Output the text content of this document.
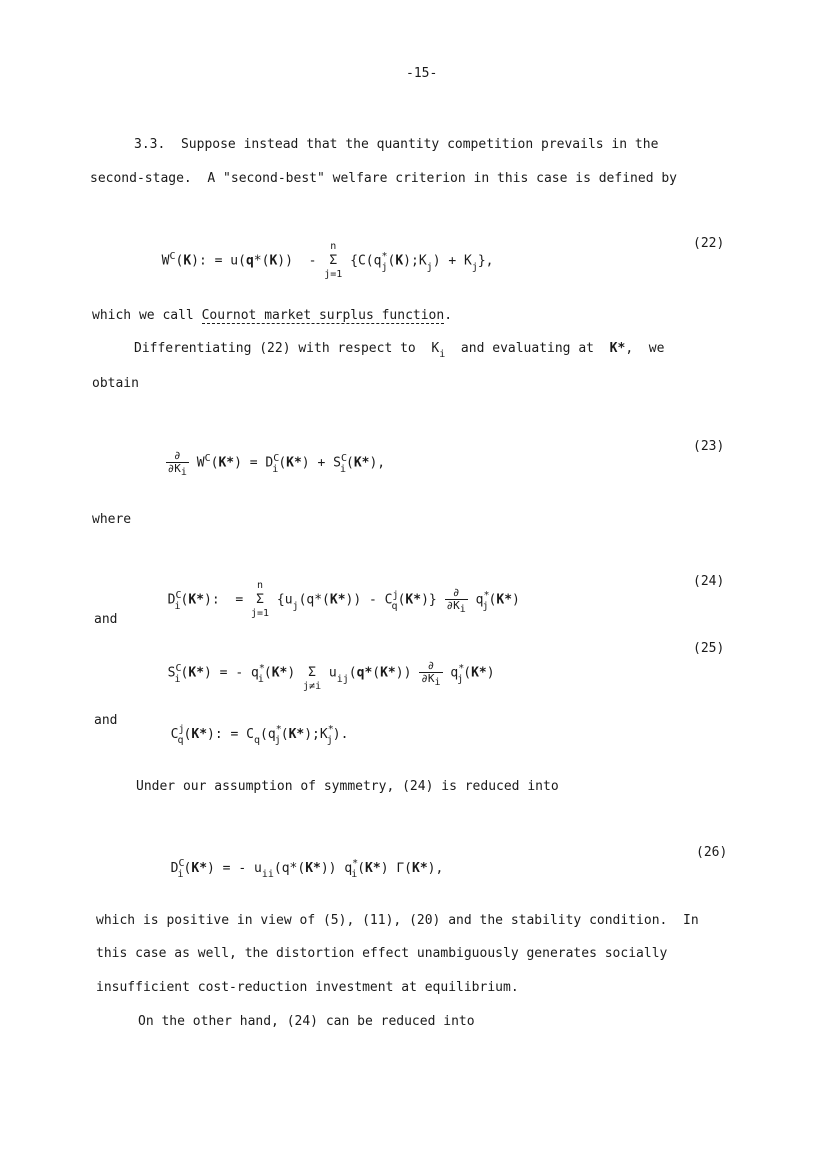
-15-
3.3. Suppose instead that the quantity competition prevails in the
second-stage.  A "second-best" welfare criterion in this case is defined by

$W^C(K)$: = u(q*(K))  -
n
Σ
j=1
$\{C(q_j^*(K);K_j) + K_j\}$,

(22)
which we call Cournot market surplus function.
Differentiating (22) with respect to  $K_i$  and evaluating at  K*,  we
obtain

$\frac{\partial}{\partial Ki} W^C(K*) = D^C_i(K*) + S^C_i(K*)$,

(23)
where

$D^C_i(K*)$:  =
n
Σ
j=1
$\{u_j(q*(K*)) - C^j_q(K*)\} \frac{\partial}{\partial Ki} q^*_j(K*)$

(24)
and

$S^C_i(K*)$ = - $q^*_i(K*)$
Σ
j≠i
$u_{ij}(q*(K*)) \frac{\partial}{\partial Ki} q^*_j(K*)$

(25)
and

$C^j_q(K*)$: = $C_q(q^*_j(K*);K^*_j)$.

Under our assumption of symmetry, (24) is reduced into

$D^C_i(K*)$ = - $u_{ii}(q*(K*))$ $q^*_i(K*)$ Γ(K*),

(26)
which is positive in view of (5), (11), (20) and the stability condition.  In
this case as well, the distortion effect unambiguously generates socially
insufficient cost-reduction investment at equilibrium.
On the other hand, (24) can be reduced into
